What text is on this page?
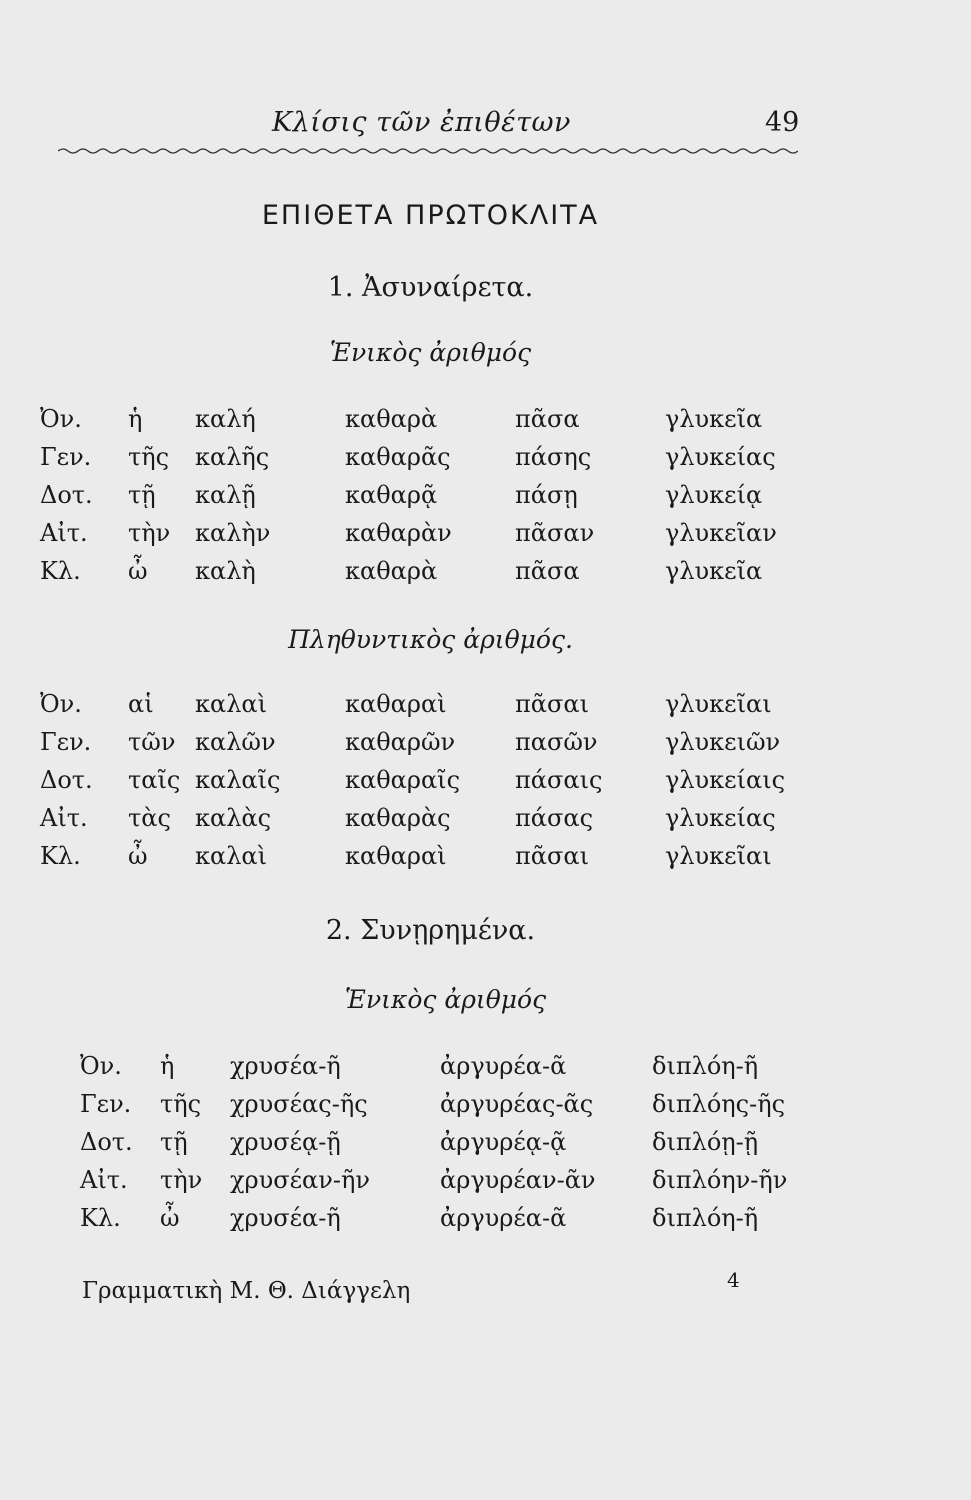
Κλίσις τῶν ἐπιθέτων	49
ΕΠΙΘΕΤΑ ΠΡΩΤΟΚΛΙΤΑ
1. Ἀσυναίρετα.
Ἑνικὸς ἀριθμός
Ὀν. ἡ καλή	καθαρὰ	πᾶσα	γλυκεῖα
Γεν. τῆς καλῆς	καθαρᾶς	πάσης	γλυκείας
Δοτ. τῇ καλῇ	καθαρᾷ	πάσῃ	γλυκείᾳ
Αἰτ. τὴν καλὴν	καθαρὰν	πᾶσαν	γλυκεῖαν
Κλ. ὦ καλὴ	καθαρὰ	πᾶσα	γλυκεῖα
Πληθυντικὸς ἀριθμός.
Ὀν. αἱ καλαὶ	καθαραὶ	πᾶσαι	γλυκεῖαι
Γεν. τῶν καλῶν	καθαρῶν πασῶν	γλυκειῶν
Δοτ. ταῖς καλαῖς	καθαραῖς πάσαις	γλυκείαις
Αἰτ. τὰς καλὰς	καθαρὰς	πάσας	γλυκείας
Κλ. ὦ καλαὶ	καθαραὶ	πᾶσαι	γλυκεῖαι
2. Συνῃρημένα.
Ἑνικὸς ἀριθμός
Ὀν. ἡ χρυσέα-ῆ	ἀργυρέα-ᾶ	διπλόη-ῆ
Γεν. τῆς χρυσέας-ῆς	ἀργυρέας-ᾶς διπλόης-ῆς
Δοτ. τῇ χρυσέᾳ-ῇ	ἀργυρέᾳ-ᾷ	διπλόῃ-ῇ
Αἰτ. τὴν χρυσέαν-ῆν	ἀργυρέαν-ᾶν διπλόην-ῆν
Κλ. ὦ χρυσέα-ῆ	ἀργυρέα-ᾶ	διπλόη-ῆ
Γραμματικὴ Μ. Θ. Διάγγελη	4
